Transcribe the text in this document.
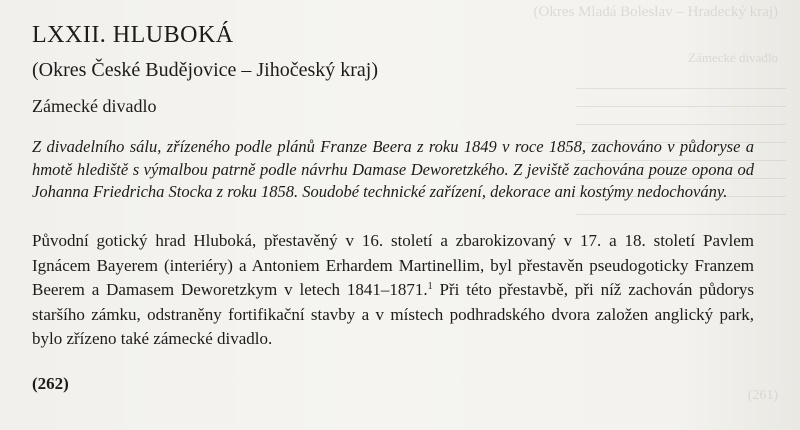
(Okres Mladá Boleslav – Hradecký kraj)
Zámecké divadlo
(261)
LXXII. HLUBOKÁ

(Okres České Budějovice – Jihočeský kraj)

Zámecké divadlo

Z divadelního sálu, zřízeného podle plánů Franze Beera z roku 1849 v roce 1858, zachováno v půdoryse a hmotě hlediště s výmalbou patrně podle návrhu Damase Deworetzkého. Z jeviště zachována pouze opona od Johanna Friedricha Stocka z roku 1858. Soudobé technické zařízení, dekorace ani kostýmy nedochovány.

Původní gotický hrad Hluboká, přestavěný v 16. století a zbarokizovaný v 17. a 18. století Pavlem Ignácem Bayerem (interiéry) a Antoniem Erhardem Martinellim, byl přestavěn pseudogoticky Franzem Beerem a Damasem Deworetzkym v letech 1841–1871.$^1$ Při této přestavbě, při níž zachován půdorys staršího zámku, odstraněny fortifikační stavby a v místech podhradského dvora založen anglický park, bylo zřízeno také zámecké divadlo.

(262)
